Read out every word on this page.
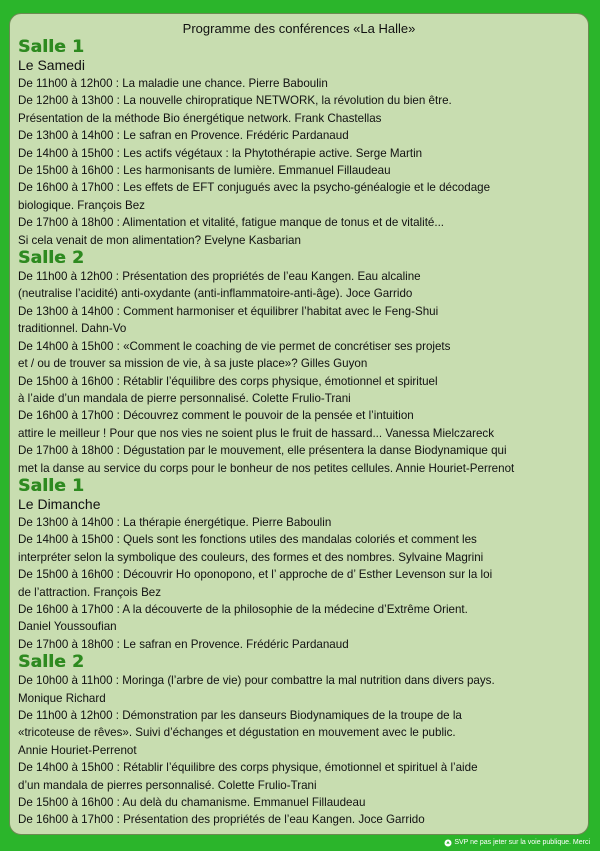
Programme des conférences «La Halle»
Salle 1
Le Samedi
De 11h00 à 12h00 : La maladie une chance. Pierre Baboulin
De 12h00 à 13h00 : La nouvelle chiropratique NETWORK, la révolution du bien être.
Présentation de la méthode Bio énergétique network. Frank Chastellas
De 13h00 à 14h00 : Le safran en Provence. Frédéric Pardanaud
De 14h00 à 15h00 : Les actifs végétaux : la Phytothérapie active. Serge Martin
De 15h00 à 16h00 : Les harmonisants de lumière. Emmanuel Fillaudeau
De 16h00 à 17h00 : Les effets de EFT conjugués avec la psycho-généalogie et le décodage
biologique. François Bez
De 17h00 à 18h00 : Alimentation et vitalité, fatigue manque de tonus et de vitalité...
Si cela venait de mon alimentation? Evelyne Kasbarian
Salle 2
De 11h00 à 12h00 : Présentation des propriétés de l’eau Kangen. Eau alcaline
(neutralise l’acidité) anti-oxydante (anti-inflammatoire-anti-âge). Joce Garrido
De 13h00 à 14h00 : Comment harmoniser et équilibrer l’habitat avec le Feng-Shui
traditionnel. Dahn-Vo
De 14h00 à 15h00 : «Comment le coaching de vie permet de concrétiser ses projets
et / ou de trouver sa mission de vie, à sa juste place»? Gilles Guyon
De 15h00 à 16h00 : Rétablir l’équilibre des corps physique, émotionnel et spirituel
à l’aide d’un mandala de pierre personnalisé. Colette Frulio-Trani
De 16h00 à 17h00 : Découvrez comment le pouvoir de la pensée et l’intuition
attire le meilleur ! Pour que nos vies ne soient plus le fruit de hassard... Vanessa Mielczareck
De 17h00 à 18h00 : Dégustation par le mouvement, elle présentera la danse Biodynamique qui
met la danse au service du corps pour le bonheur de nos petites cellules. Annie Houriet-Perrenot
Salle 1
Le Dimanche
De 13h00 à 14h00 : La thérapie énergétique. Pierre Baboulin
De 14h00 à 15h00 : Quels sont les fonctions utiles des mandalas coloriés et comment les
interpréter selon la symbolique des couleurs, des formes et des nombres. Sylvaine Magrini
De 15h00 à 16h00 : Découvrir Ho oponopono, et l’ approche de d’ Esther Levenson sur la loi
de l’attraction. François Bez
De 16h00 à 17h00 : A la découverte de la philosophie de la médecine d’Extrême Orient.
Daniel Youssoufian
De 17h00 à 18h00 : Le safran en Provence. Frédéric Pardanaud
Salle 2
De 10h00 à 11h00 : Moringa (l’arbre de vie) pour combattre la mal nutrition dans divers pays.
Monique Richard
De 11h00 à 12h00 : Démonstration par les danseurs Biodynamiques de la troupe de la
«tricoteuse de rêves». Suivi d’échanges et dégustation en mouvement avec le public.
Annie Houriet-Perrenot
De 14h00 à 15h00 : Rétablir l’équilibre des corps physique, émotionnel et spirituel à l’aide
d’un mandala de pierres personnalisé. Colette Frulio-Trani
De 15h00 à 16h00 : Au delà du chamanisme. Emmanuel Fillaudeau
De 16h00 à 17h00 : Présentation des propriétés de l’eau Kangen. Joce Garrido
SVP ne pas jeter sur la voie publique. Merci
